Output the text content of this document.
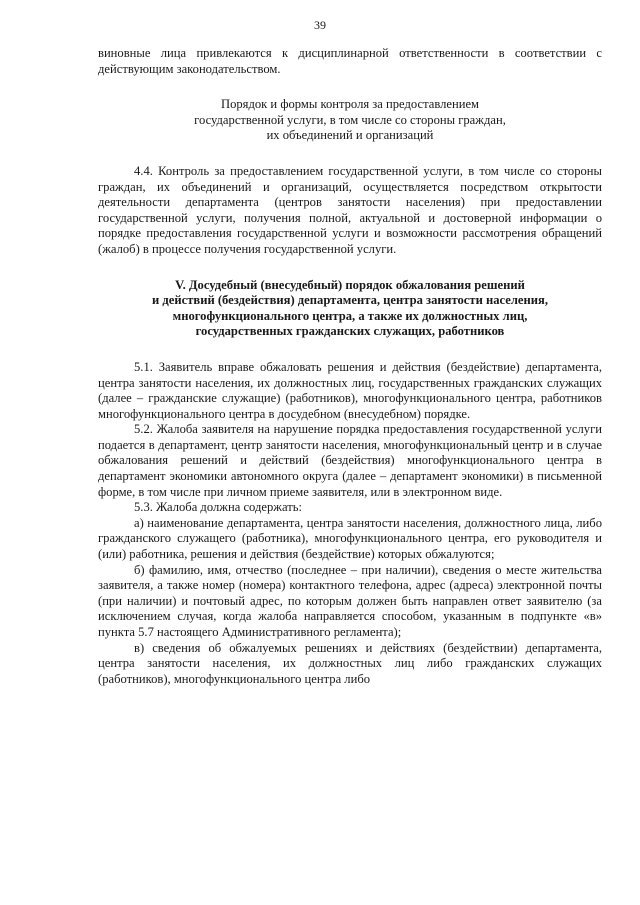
39

виновные лица привлекаются к дисциплинарной ответственности в соответствии с действующим законодательством.

Порядок и формы контроля за предоставлением

государственной услуги, в том числе со стороны граждан,

их объединений и организаций

4.4. Контроль за предоставлением государственной услуги, в том числе со стороны граждан, их объединений и организаций, осуществляется посредством открытости деятельности департамента (центров занятости населения) при предоставлении государственной услуги, получения полной, актуальной и достоверной информации о порядке предоставления государственной услуги и возможности рассмотрения обращений (жалоб) в процессе получения государственной услуги.

V. Досудебный (внесудебный) порядок обжалования решений

и действий (бездействия) департамента, центра занятости населения,

многофункционального центра, а также их должностных лиц,

государственных гражданских служащих, работников

5.1. Заявитель вправе обжаловать решения и действия (бездействие) департамента, центра занятости населения, их должностных лиц, государственных гражданских служащих (далее – гражданские служащие) (работников), многофункционального центра, работников многофункционального центра в досудебном (внесудебном) порядке.

5.2. Жалоба заявителя на нарушение порядка предоставления государственной услуги подается в департамент, центр занятости населения, многофункциональный центр и в случае обжалования решений и действий (бездействия) многофункционального центра в департамент экономики автономного округа (далее – департамент экономики) в письменной форме, в том числе при личном приеме заявителя, или в электронном виде.

5.3. Жалоба должна содержать:

а) наименование департамента, центра занятости населения, должностного лица, либо гражданского служащего (работника), многофункционального центра, его руководителя и (или) работника, решения и действия (бездействие) которых обжалуются;

б) фамилию, имя, отчество (последнее – при наличии), сведения о месте жительства заявителя, а также номер (номера) контактного телефона, адрес (адреса) электронной почты (при наличии) и почтовый адрес, по которым должен быть направлен ответ заявителю (за исключением случая, когда жалоба направляется способом, указанным в подпункте «в» пункта 5.7 настоящего Административного регламента);

в) сведения об обжалуемых решениях и действиях (бездействии) департамента, центра занятости населения, их должностных лиц либо гражданских служащих (работников), многофункционального центра либо
